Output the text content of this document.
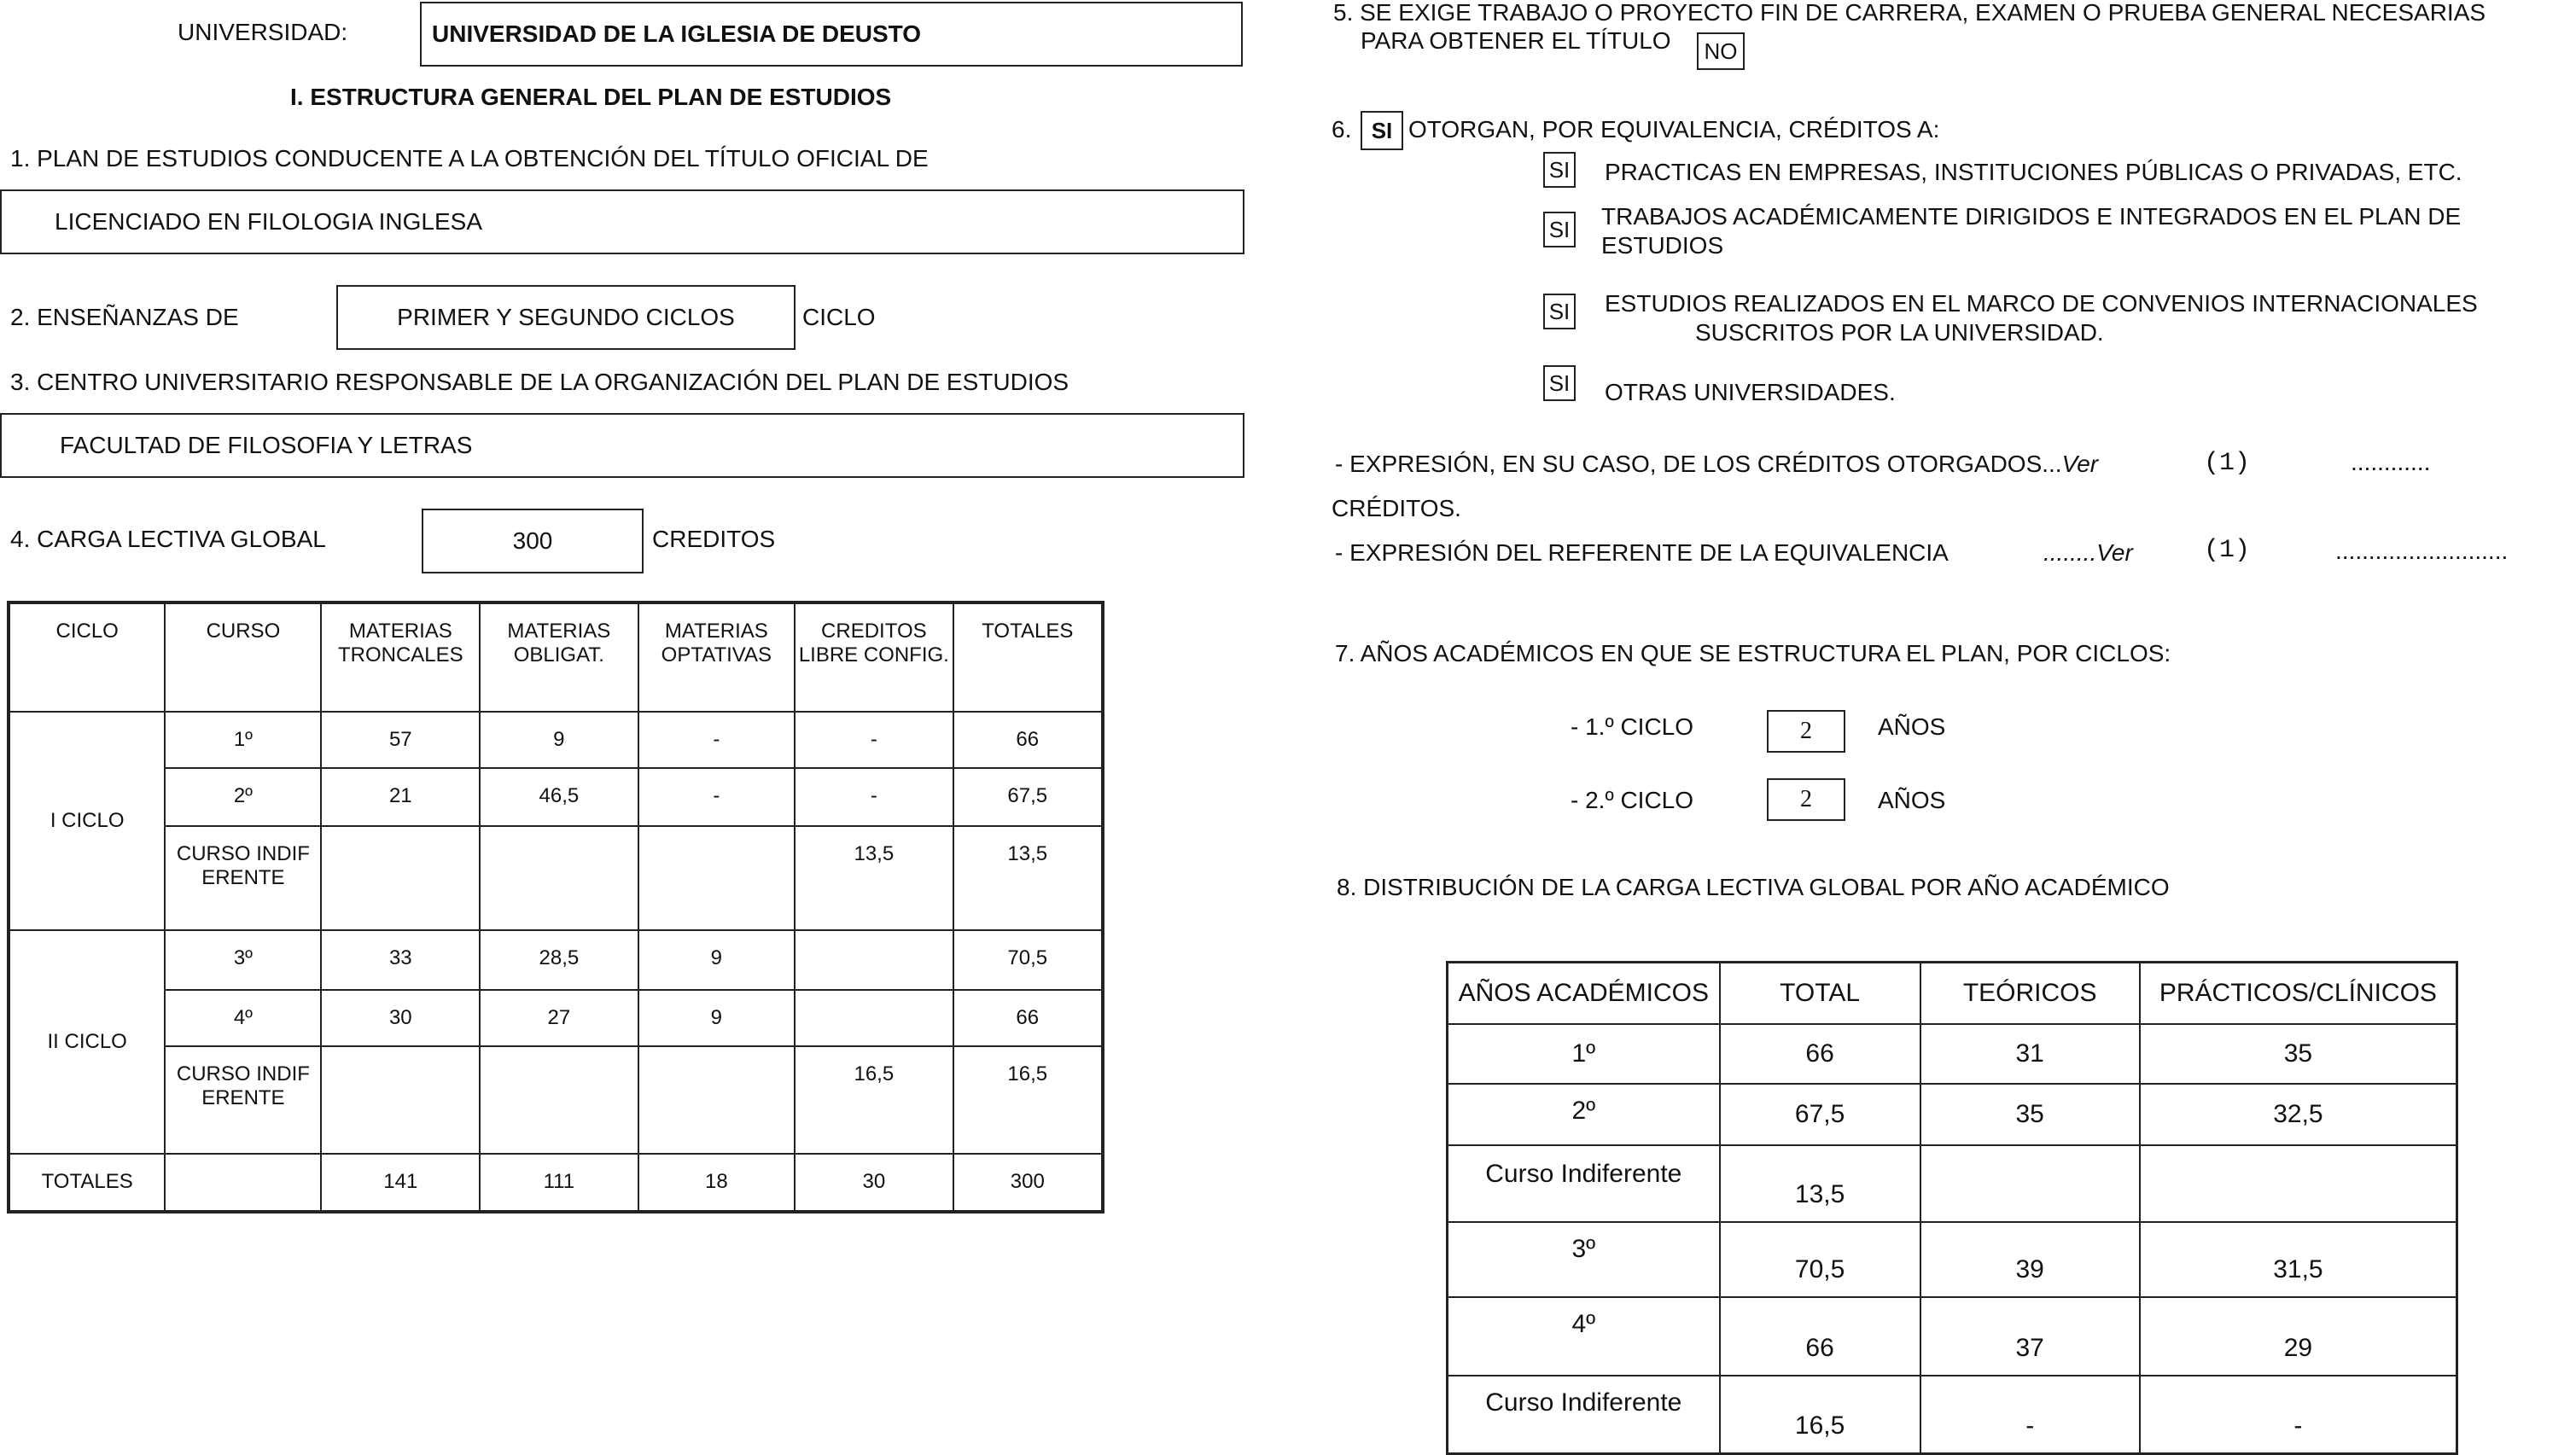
UNIVERSIDAD:	UNIVERSIDAD DE LA IGLESIA DE DEUSTO
I. ESTRUCTURA GENERAL DEL PLAN DE ESTUDIOS
1. PLAN DE ESTUDIOS CONDUCENTE A LA OBTENCIÓN DEL TÍTULO OFICIAL DE
LICENCIADO EN FILOLOGIA INGLESA
2. ENSEÑANZAS DE	PRIMER Y SEGUNDO CICLOS	CICLO
3. CENTRO UNIVERSITARIO RESPONSABLE DE LA ORGANIZACIÓN DEL PLAN DE ESTUDIOS
FACULTAD DE FILOSOFIA Y LETRAS
4. CARGA LECTIVA GLOBAL	300	CREDITOS
CICLO	CURSO	MATERIAS TRONCALES	MATERIAS OBLIGAT.	MATERIAS OPTATIVAS	CREDITOS LIBRE CONFIG.	TOTALES
I CICLO	1º	57	9	-	-	66
	2º	21	46,5	-	-	67,5
	CURSO INDIFERENTE				13,5	13,5
II CICLO	3º	33	28,5	9		70,5
	4º	30	27	9		66
	CURSO INDIFERENTE				16,5	16,5
TOTALES		141	111	18	30	300
5. SE EXIGE TRABAJO O PROYECTO FIN DE CARRERA, EXAMEN O PRUEBA GENERAL NECESARIAS
PARA OBTENER EL TÍTULO NO
6. SI OTORGAN, POR EQUIVALENCIA, CRÉDITOS A:
SI PRACTICAS EN EMPRESAS, INSTITUCIONES PÚBLICAS O PRIVADAS, ETC.
SI TRABAJOS ACADÉMICAMENTE DIRIGIDOS E INTEGRADOS EN EL PLAN DE
ESTUDIOS
SI ESTUDIOS REALIZADOS EN EL MARCO DE CONVENIOS INTERNACIONALES
SUSCRITOS POR LA UNIVERSIDAD.
SI OTRAS UNIVERSIDADES.
- EXPRESIÓN, EN SU CASO, DE LOS CRÉDITOS OTORGADOS...Ver	(1)	............
CRÉDITOS.
- EXPRESIÓN DEL REFERENTE DE LA EQUIVALENCIA	........Ver	(1)	..........................
7. AÑOS ACADÉMICOS EN QUE SE ESTRUCTURA EL PLAN, POR CICLOS:
- 1.º CICLO	2	AÑOS
- 2.º CICLO	2	AÑOS
8. DISTRIBUCIÓN DE LA CARGA LECTIVA GLOBAL POR AÑO ACADÉMICO
AÑOS ACADÉMICOS	TOTAL	TEÓRICOS	PRÁCTICOS/CLÍNICOS
1º	66	31	35
2º	67,5	35	32,5
Curso Indiferente	13,5		
3º	70,5	39	31,5
4º	66	37	29
Curso Indiferente	16,5	-	-
